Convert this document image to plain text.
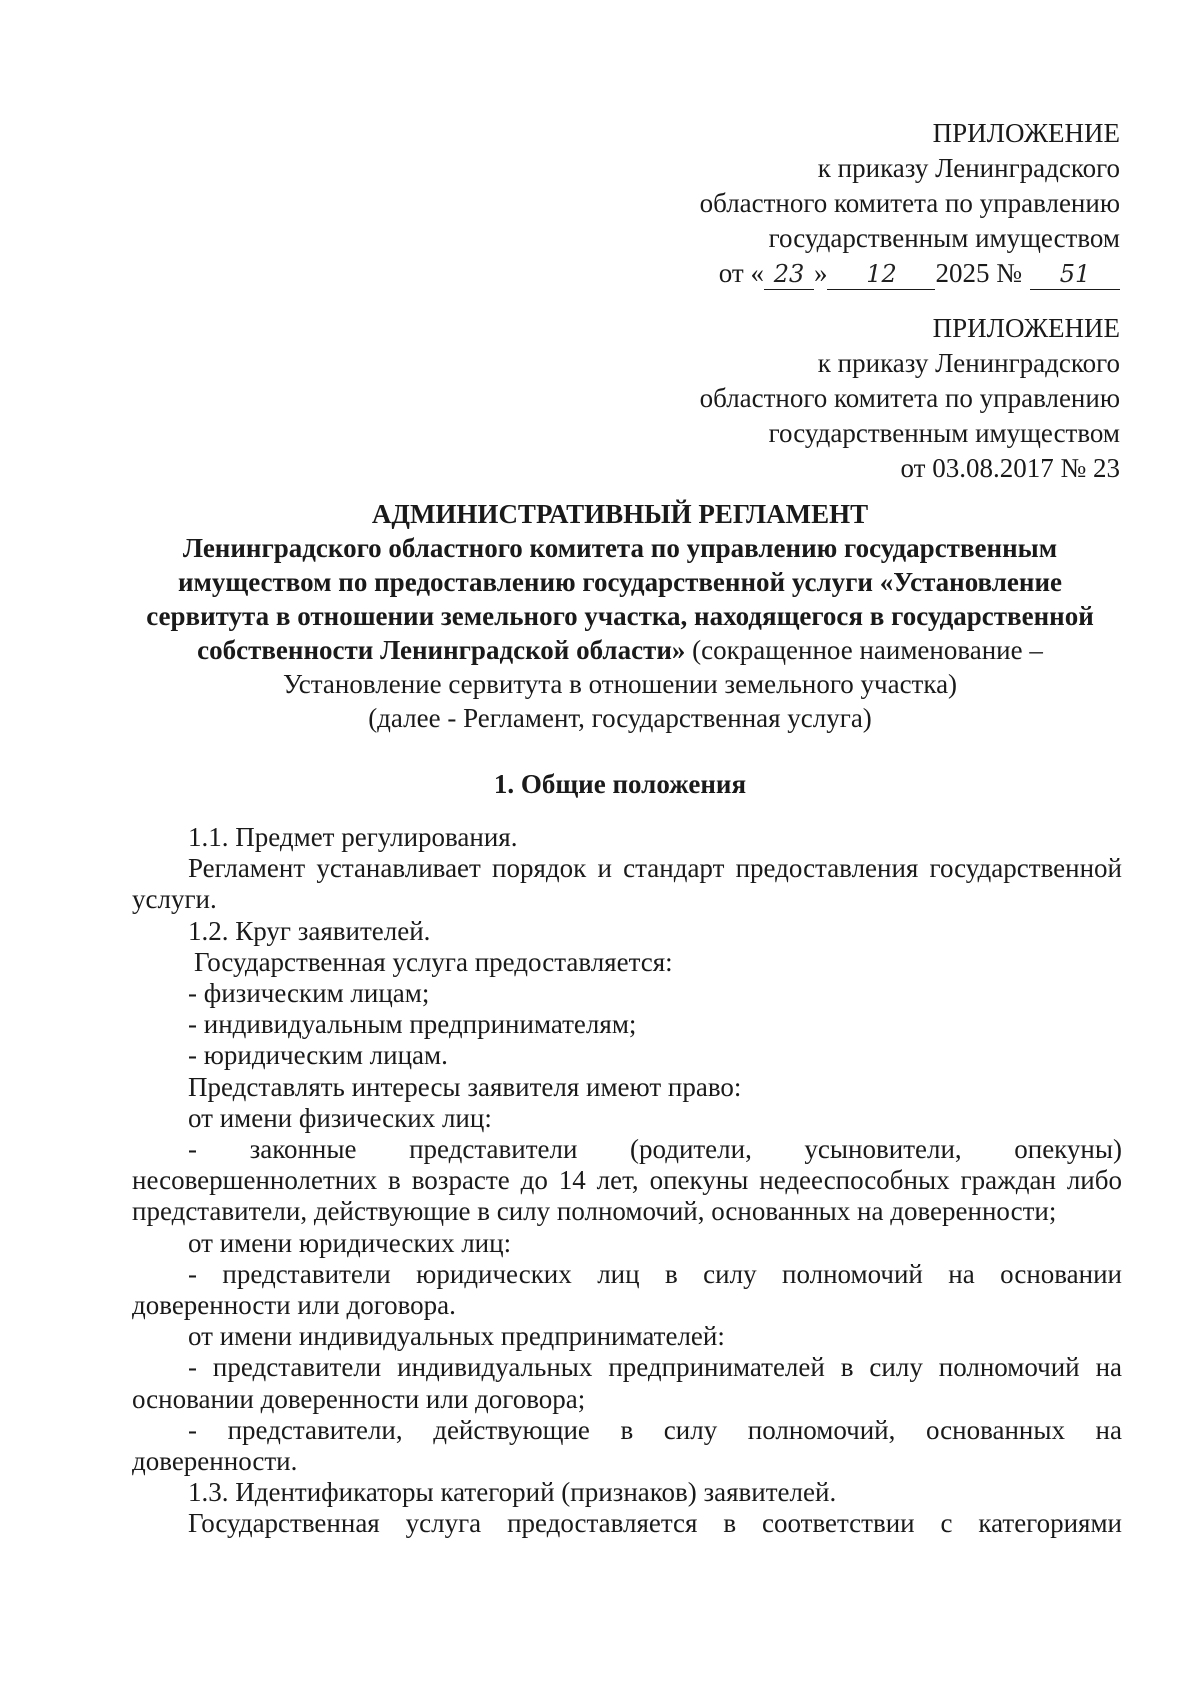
ПРИЛОЖЕНИЕ
к приказу Ленинградского
областного комитета по управлению
государственным имуществом
от « 23 » 12 2025 № 51
ПРИЛОЖЕНИЕ
к приказу Ленинградского
областного комитета по управлению
государственным имуществом
от 03.08.2017 № 23
АДМИНИСТРАТИВНЫЙ РЕГЛАМЕНТ
Ленинградского областного комитета по управлению государственным имуществом по предоставлению государственной услуги «Установление сервитута в отношении земельного участка, находящегося в государственной собственности Ленинградской области» (сокращенное наименование – Установление сервитута в отношении земельного участка)
(далее - Регламент, государственная услуга)
1. Общие положения

1.1. Предмет регулирования.

Регламент устанавливает порядок и стандарт предоставления государственной услуги.

1.2. Круг заявителей.

Государственная услуга предоставляется:

- физическим лицам;

- индивидуальным предпринимателям;

- юридическим лицам.

Представлять интересы заявителя имеют право:

от имени физических лиц:

- законные представители (родители, усыновители, опекуны) несовершеннолетних в возрасте до 14 лет, опекуны недееспособных граждан либо представители, действующие в силу полномочий, основанных на доверенности;

от имени юридических лиц:

- представители юридических лиц в силу полномочий на основании доверенности или договора.

от имени индивидуальных предпринимателей:

- представители индивидуальных предпринимателей в силу полномочий на основании доверенности или договора;

- представители, действующие в силу полномочий, основанных на доверенности.

1.3. Идентификаторы категорий (признаков) заявителей.

Государственная услуга предоставляется в соответствии с категориями
